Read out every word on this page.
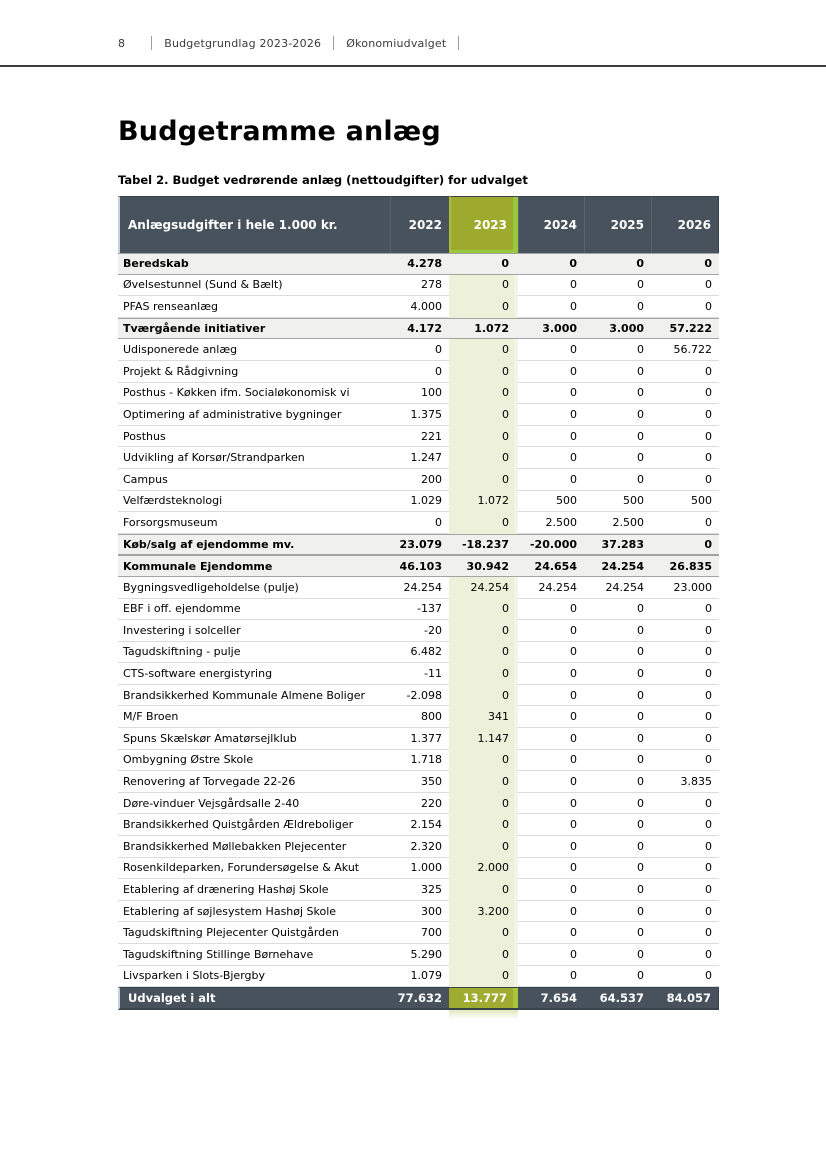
8	Budgetgrundlag 2023-2026 Økonomiudvalget
Budgetramme anlæg
Tabel 2. Budget vedrørende anlæg (nettoudgifter) for udvalget
Anlægsudgifter i hele 1.000 kr.	2022	2023	2024	2025	2026
Beredskab	4.278	0	0	0	0
Øvelsestunnel (Sund & Bælt)	278	0	0	0	0
PFAS renseanlæg	4.000	0	0	0	0
Tværgående initiativer	4.172	1.072	3.000	3.000	57.222
Udisponerede anlæg	0	0	0	0	56.722
Projekt & Rådgivning	0	0	0	0	0
Posthus - Køkken ifm. Socialøkonomisk vi	100	0	0	0	0
Optimering af administrative bygninger	1.375	0	0	0	0
Posthus	221	0	0	0	0
Udvikling af Korsør/Strandparken	1.247	0	0	0	0
Campus	200	0	0	0	0
Velfærdsteknologi	1.029	1.072	500	500	500
Forsorgsmuseum	0	0	2.500	2.500	0
Køb/salg af ejendomme mv.	23.079	-18.237	-20.000	37.283	0
Kommunale Ejendomme	46.103	30.942	24.654	24.254	26.835
Bygningsvedligeholdelse (pulje)	24.254	24.254	24.254	24.254	23.000
EBF i off. ejendomme	-137	0	0	0	0
Investering i solceller	-20	0	0	0	0
Tagudskiftning - pulje	6.482	0	0	0	0
CTS-software energistyring	-11	0	0	0	0
Brandsikkerhed Kommunale Almene Boliger	-2.098	0	0	0	0
M/F Broen	800	341	0	0	0
Spuns Skælskør Amatørsejlklub	1.377	1.147	0	0	0
Ombygning Østre Skole	1.718	0	0	0	0
Renovering af Torvegade 22-26	350	0	0	0	3.835
Døre-vinduer Vejsgårdsalle 2-40	220	0	0	0	0
Brandsikkerhed Quistgården Ældreboliger	2.154	0	0	0	0
Brandsikkerhed Møllebakken Plejecenter	2.320	0	0	0	0
Rosenkildeparken, Forundersøgelse & Akut	1.000	2.000	0	0	0
Etablering af drænering Hashøj Skole	325	0	0	0	0
Etablering af søjlesystem Hashøj Skole	300	3.200	0	0	0
Tagudskiftning Plejecenter Quistgården	700	0	0	0	0
Tagudskiftning Stillinge Børnehave	5.290	0	0	0	0
Livsparken i Slots-Bjergby	1.079	0	0	0	0
Udvalget i alt	77.632	13.777	7.654	64.537	84.057
